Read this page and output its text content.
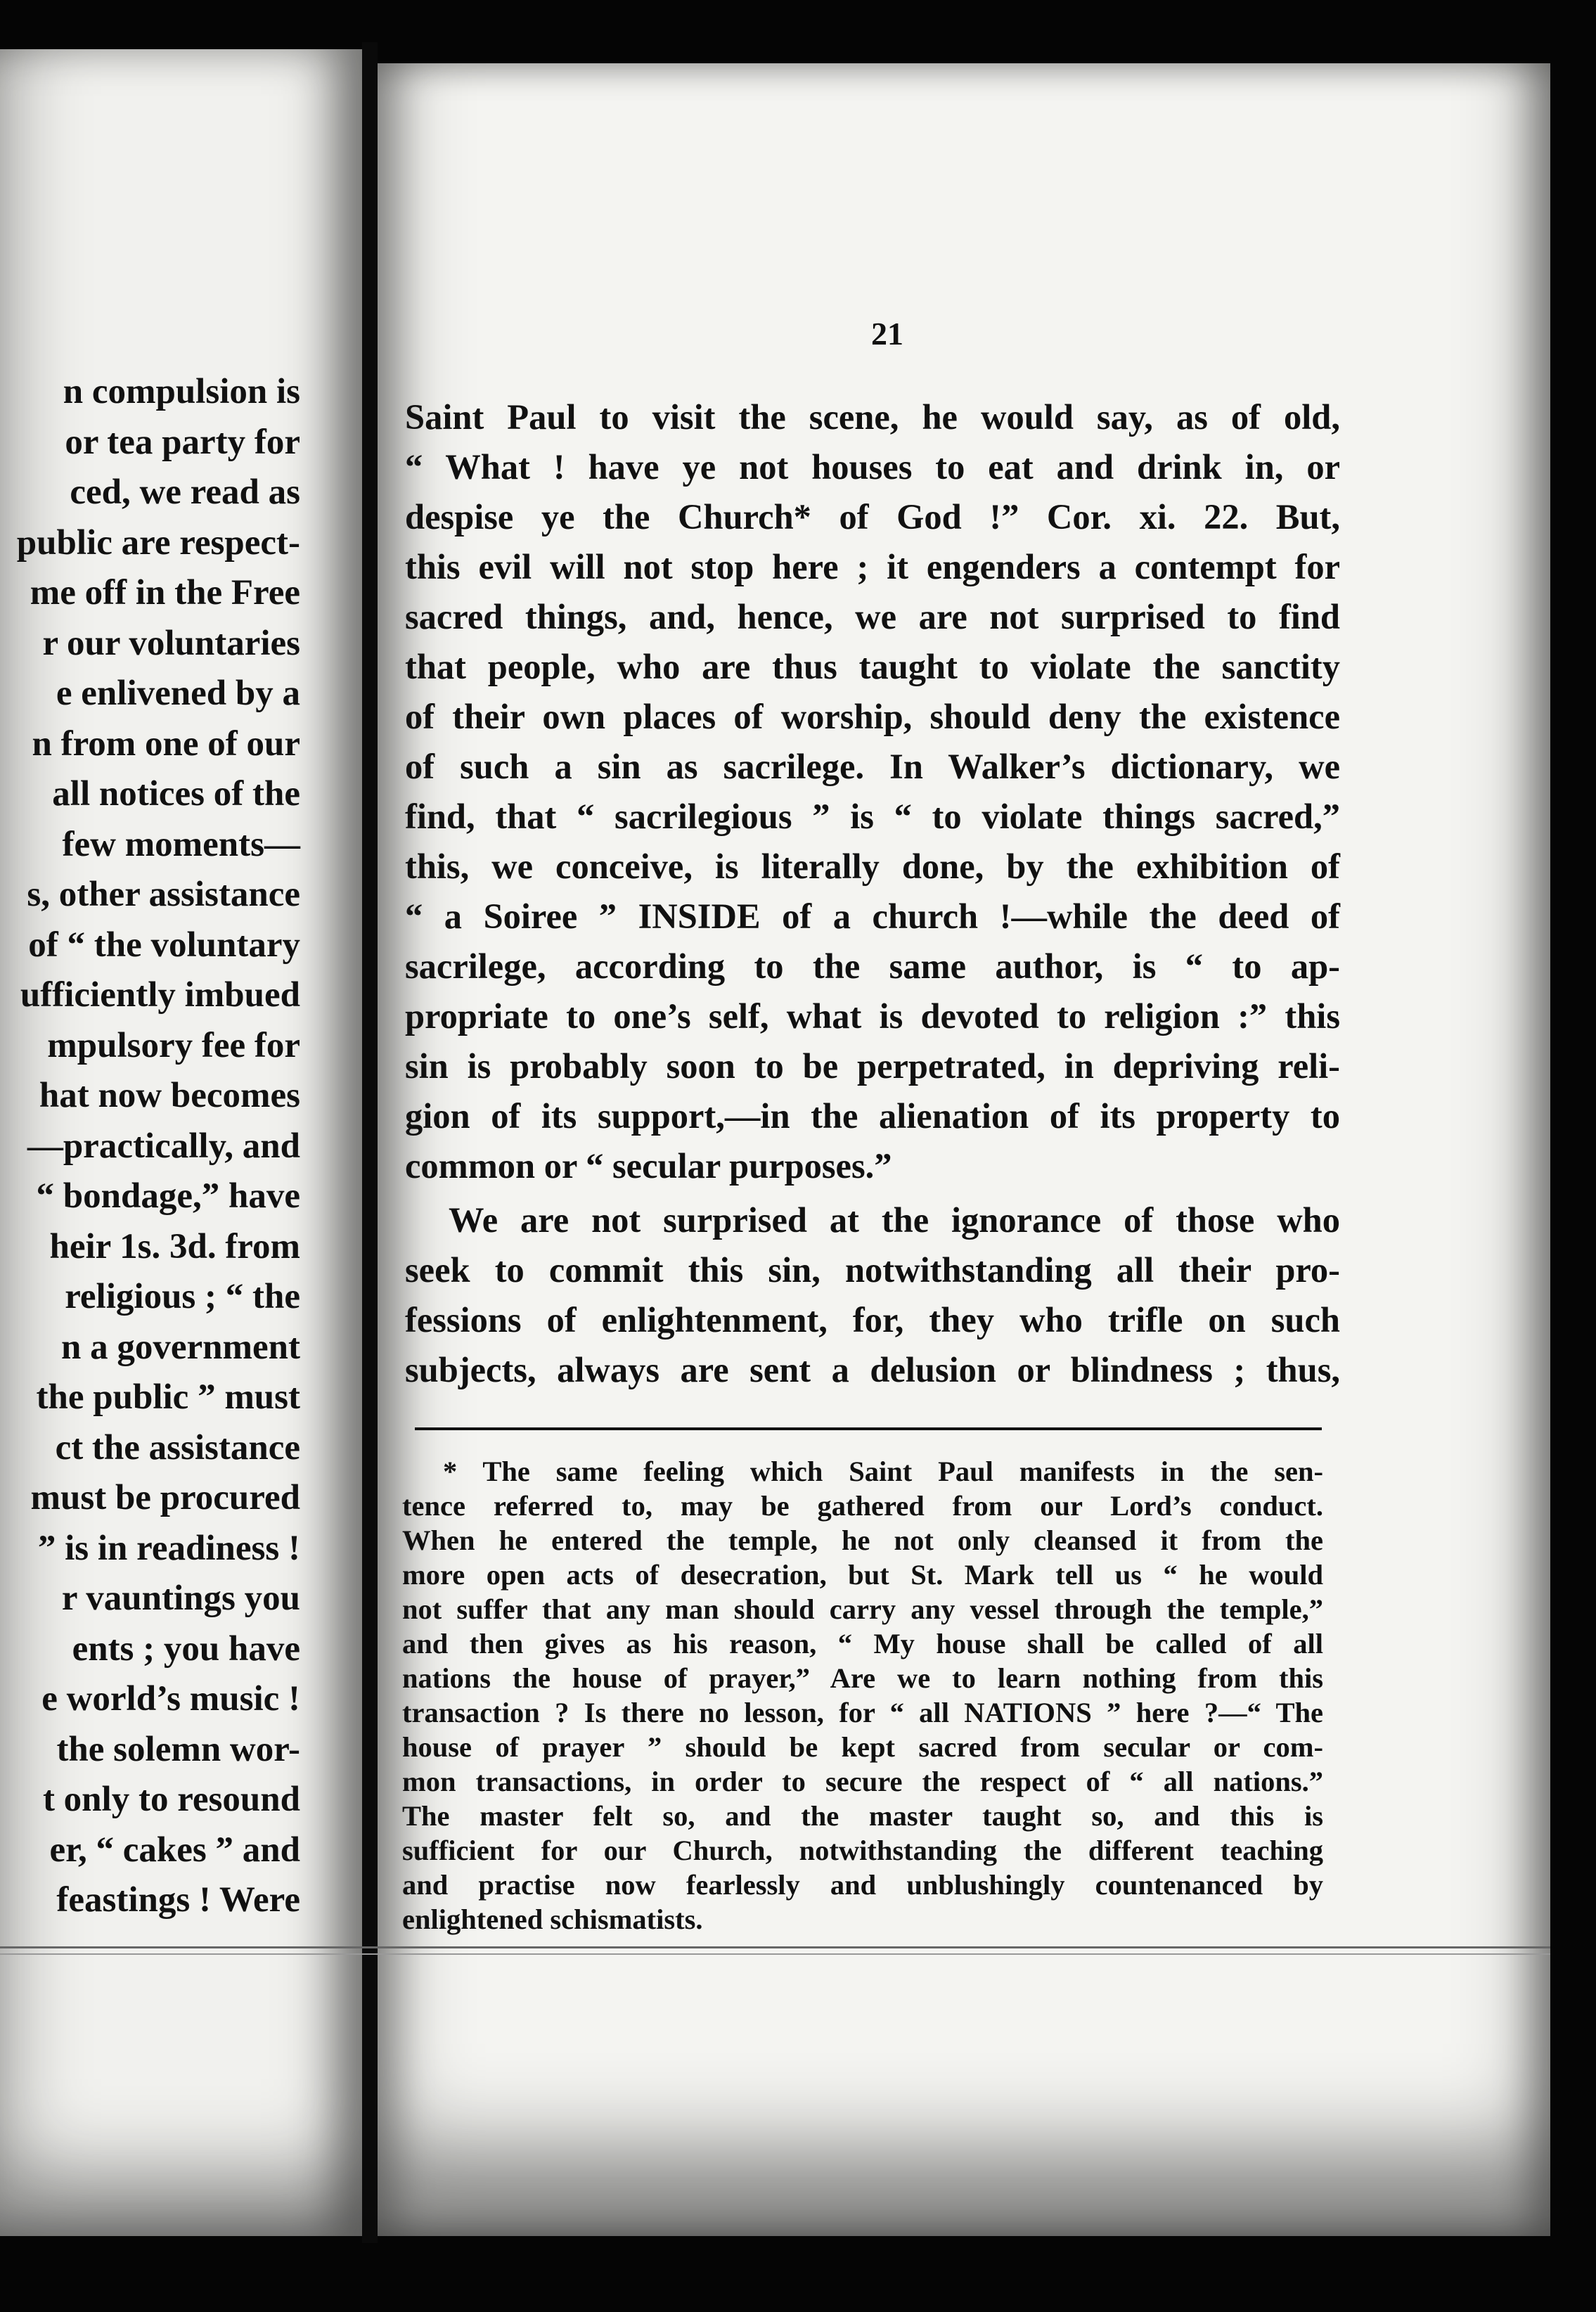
n compulsion is
or tea party for
ced, we read as
public are respect-
me off in the Free
r our voluntaries
e enlivened by a
n from one of our
all notices of the
few moments—
s, other assistance
of “ the voluntary
ufficiently imbued
mpulsory fee for
hat now becomes
—practically, and
“ bondage,” have
heir 1s. 3d. from
religious ; “ the
n a government
the public ” must
ct the assistance
must be procured
” is in readiness !
r vauntings you
ents ; you have
e world’s music !
the solemn wor-
t only to resound
er, “ cakes ” and
feastings ! Were
21
Saint Paul to visit the scene, he would say, as of old,
“ What ! have ye not houses to eat and drink in, or
despise ye the Church* of God !” Cor. xi. 22. But,
this evil will not stop here ; it engenders a contempt for
sacred things, and, hence, we are not surprised to find
that people, who are thus taught to violate the sanctity
of their own places of worship, should deny the existence
of such a sin as sacrilege. In Walker’s dictionary, we
find, that “ sacrilegious ” is “ to violate things sacred,”
this, we conceive, is literally done, by the exhibition of
“ a Soiree ” INSIDE of a church !—while the deed of
sacrilege, according to the same author, is “ to ap-
propriate to one’s self, what is devoted to religion :” this
sin is probably soon to be perpetrated, in depriving reli-
gion of its support,—in the alienation of its property to
common or “ secular purposes.”
We are not surprised at the ignorance of those who
seek to commit this sin, notwithstanding all their pro-
fessions of enlightenment, for, they who trifle on such
subjects, always are sent a delusion or blindness ; thus,
* The same feeling which Saint Paul manifests in the sen-
tence referred to, may be gathered from our Lord’s conduct.
When he entered the temple, he not only cleansed it from the
more open acts of desecration, but St. Mark tell us “ he would
not suffer that any man should carry any vessel through the temple,”
and then gives as his reason, “ My house shall be called of all
nations the house of prayer,” Are we to learn nothing from this
transaction ? Is there no lesson, for “ all NATIONS ” here ?—“ The
house of prayer ” should be kept sacred from secular or com-
mon transactions, in order to secure the respect of “ all nations.”
The master felt so, and the master taught so, and this is
sufficient for our Church, notwithstanding the different teaching
and practise now fearlessly and unblushingly countenanced by
enlightened schismatists.
